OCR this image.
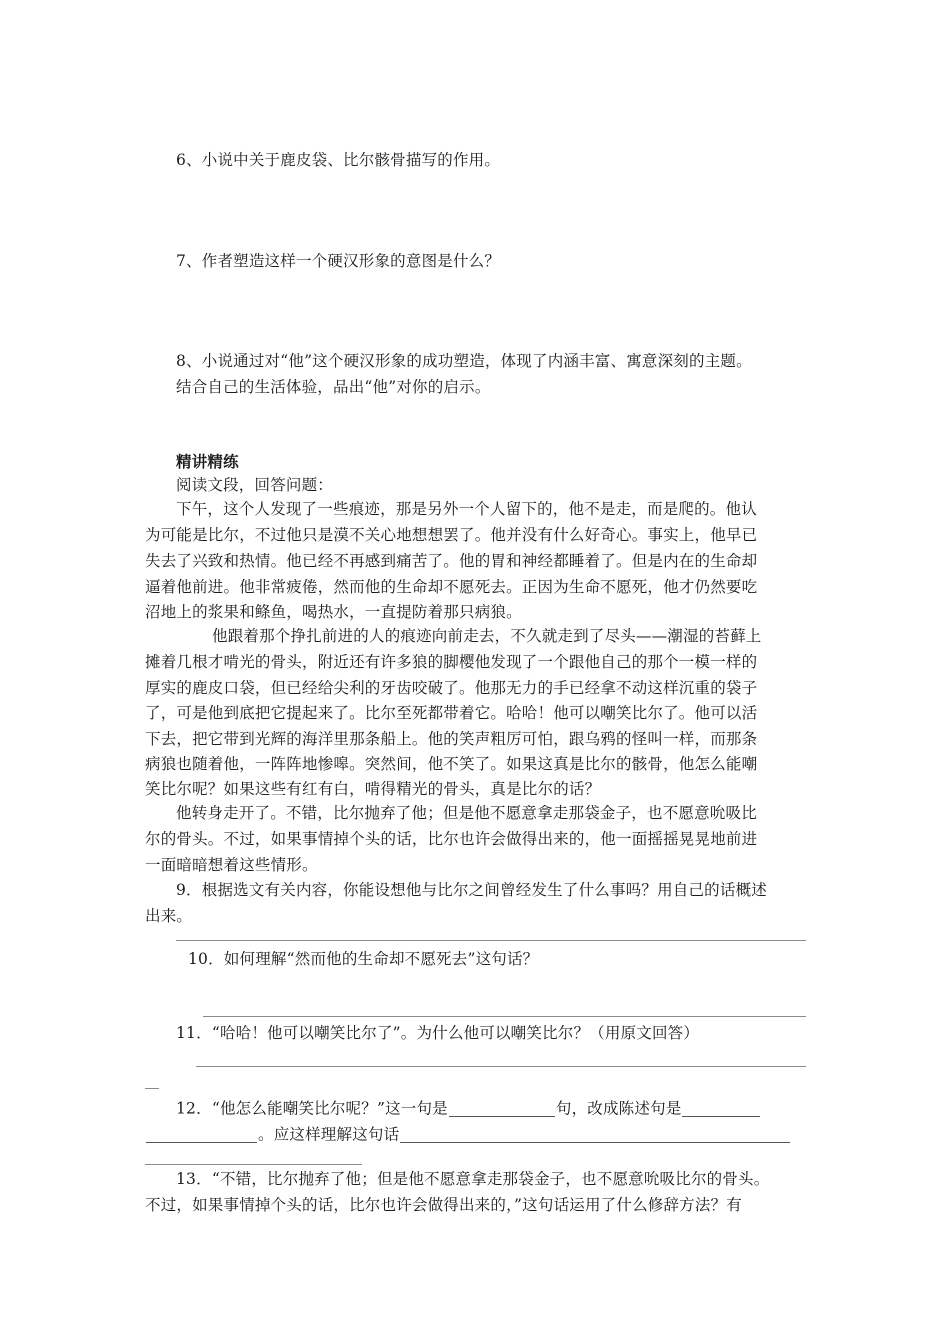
6、小说中关于鹿皮袋、比尔骸骨描写的作用。
7、作者塑造这样一个硬汉形象的意图是什么？
8、小说通过对“他”这个硬汉形象的成功塑造，体现了内涵丰富、寓意深刻的主题。
结合自己的生活体验，品出“他”对你的启示。
精讲精练
阅读文段，回答问题：
下午，这个人发现了一些痕迹，那是另外一个人留下的，他不是走，而是爬的。他认
为可能是比尔，不过他只是漠不关心地想想罢了。他并没有什么好奇心。事实上，他早已
失去了兴致和热情。他已经不再感到痛苦了。他的胃和神经都睡着了。但是内在的生命却
逼着他前进。他非常疲倦，然而他的生命却不愿死去。正因为生命不愿死，他才仍然要吃
沼地上的浆果和鲦鱼，喝热水，一直提防着那只病狼。
他跟着那个挣扎前进的人的痕迹向前走去，不久就走到了尽头——潮湿的苔藓上
摊着几根才啃光的骨头，附近还有许多狼的脚樱他发现了一个跟他自己的那个一模一样的
厚实的鹿皮口袋，但已经给尖利的牙齿咬破了。他那无力的手已经拿不动这样沉重的袋子
了，可是他到底把它提起来了。比尔至死都带着它。哈哈！他可以嘲笑比尔了。他可以活
下去，把它带到光辉的海洋里那条船上。他的笑声粗厉可怕，跟乌鸦的怪叫一样，而那条
病狼也随着他，一阵阵地惨嗥。突然间，他不笑了。如果这真是比尔的骸骨，他怎么能嘲
笑比尔呢？如果这些有红有白，啃得精光的骨头，真是比尔的话？
他转身走开了。不错，比尔抛弃了他；但是他不愿意拿走那袋金子，也不愿意吮吸比
尔的骨头。不过，如果事情掉个头的话，比尔也许会做得出来的，他一面摇摇晃晃地前进
一面暗暗想着这些情形。
9．根据选文有关内容，你能设想他与比尔之间曾经发生了什么事吗？用自己的话概述
出来。
10．如何理解“然而他的生命却不愿死去”这句话？
11．“哈哈！他可以嘲笑比尔了”。为什么他可以嘲笑比尔？（用原文回答）
12．“他怎么能嘲笑比尔呢？”这一句是	句，改成陈述句是
。应这样理解这句话
13．“不错，比尔抛弃了他；但是他不愿意拿走那袋金子，也不愿意吮吸比尔的骨头。
不过，如果事情掉个头的话，比尔也许会做得出来的，”这句话运用了什么修辞方法？有
